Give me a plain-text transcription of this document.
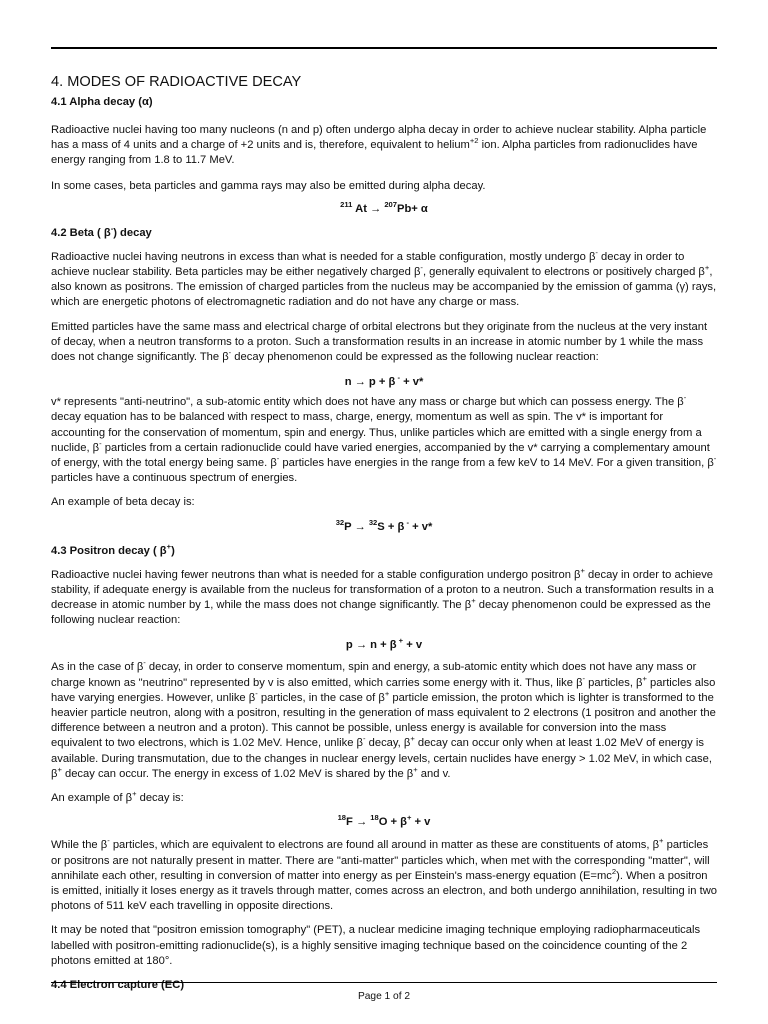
4. MODES OF RADIOACTIVE DECAY
4.1 Alpha decay (α)

Radioactive nuclei having too many nucleons (n and p) often undergo alpha decay in order to achieve nuclear stability. Alpha particle has a mass of 4 units and a charge of +2 units and is, therefore, equivalent to helium$^{+2}$ ion. Alpha particles from radionuclides have energy ranging from 1.8 to 11.7 MeV.

In some cases, beta particles and gamma rays may also be emitted during alpha decay.

$^{211}$ At → $^{207}$Pb+ α

4.2 Beta ( β-) decay

Radioactive nuclei having neutrons in excess than what is needed for a stable configuration, mostly undergo β- decay in order to achieve nuclear stability. Beta particles may be either negatively charged β-, generally equivalent to electrons or positively charged β+, also known as positrons. The emission of charged particles from the nucleus may be accompanied by the emission of gamma (γ) rays, which are energetic photons of electromagnetic radiation and do not have any charge or mass.

Emitted particles have the same mass and electrical charge of orbital electrons but they originate from the nucleus at the very instant of decay, when a neutron transforms to a proton. Such a transformation results in an increase in atomic number by 1 while the mass does not change significantly. The β- decay phenomenon could be expressed as the following nuclear reaction:

n → p + β - + v*

v* represents "anti-neutrino", a sub-atomic entity which does not have any mass or charge but which can possess energy. The β- decay equation has to be balanced with respect to mass, charge, energy, momentum as well as spin. The v* is important for accounting for the conservation of momentum, spin and energy. Thus, unlike particles which are emitted with a single energy from a nuclide, β- particles from a certain radionuclide could have varied energies, accompanied by the v* carrying a complementary amount of energy, with the total energy being same. β- particles have energies in the range from a few keV to 14 MeV. For a given transition, β- particles have a continuous spectrum of energies.

An example of beta decay is:

$^{32}$P → $^{32}$S + β - + v*

4.3 Positron decay ( β+)

Radioactive nuclei having fewer neutrons than what is needed for a stable configuration undergo positron β+ decay in order to achieve stability, if adequate energy is available from the nucleus for transformation of a proton to a neutron. Such a transformation results in a decrease in atomic number by 1, while the mass does not change significantly. The β+ decay phenomenon could be expressed as the following nuclear reaction:

p → n + β + + v

As in the case of β- decay, in order to conserve momentum, spin and energy, a sub-atomic entity which does not have any mass or charge known as "neutrino" represented by v is also emitted, which carries some energy with it. Thus, like β- particles, β+ particles also have varying energies. However, unlike β- particles, in the case of β+ particle emission, the proton which is lighter is transformed to the heavier particle neutron, along with a positron, resulting in the generation of mass equivalent to 2 electrons (1 positron and another the difference between a neutron and a proton). This cannot be possible, unless energy is available for conversion into the mass equivalent to two electrons, which is 1.02 MeV. Hence, unlike β- decay, β+ decay can occur only when at least 1.02 MeV of energy is available. During transmutation, due to the changes in nuclear energy levels, certain nuclides have energy > 1.02 MeV, in which case, β+ decay can occur. The energy in excess of 1.02 MeV is shared by the β+ and v.

An example of β+ decay is:

$^{18}$F → $^{18}$O + β+ + v

While the β- particles, which are equivalent to electrons are found all around in matter as these are constituents of atoms, β+ particles or positrons are not naturally present in matter. There are "anti-matter" particles which, when met with the corresponding "matter", will annihilate each other, resulting in conversion of matter into energy as per Einstein's mass-energy equation $(E=mc^2)$. When a positron is emitted, initially it loses energy as it travels through matter, comes across an electron, and both undergo annihilation, resulting in two photons of 511 keV each travelling in opposite directions.

It may be noted that "positron emission tomography" (PET), a nuclear medicine imaging technique employing radiopharmaceuticals labelled with positron-emitting radionuclide(s), is a highly sensitive imaging technique based on the coincidence counting of the 2 photons emitted at 180°.

4.4 Electron capture (EC)
Page 1 of 2
